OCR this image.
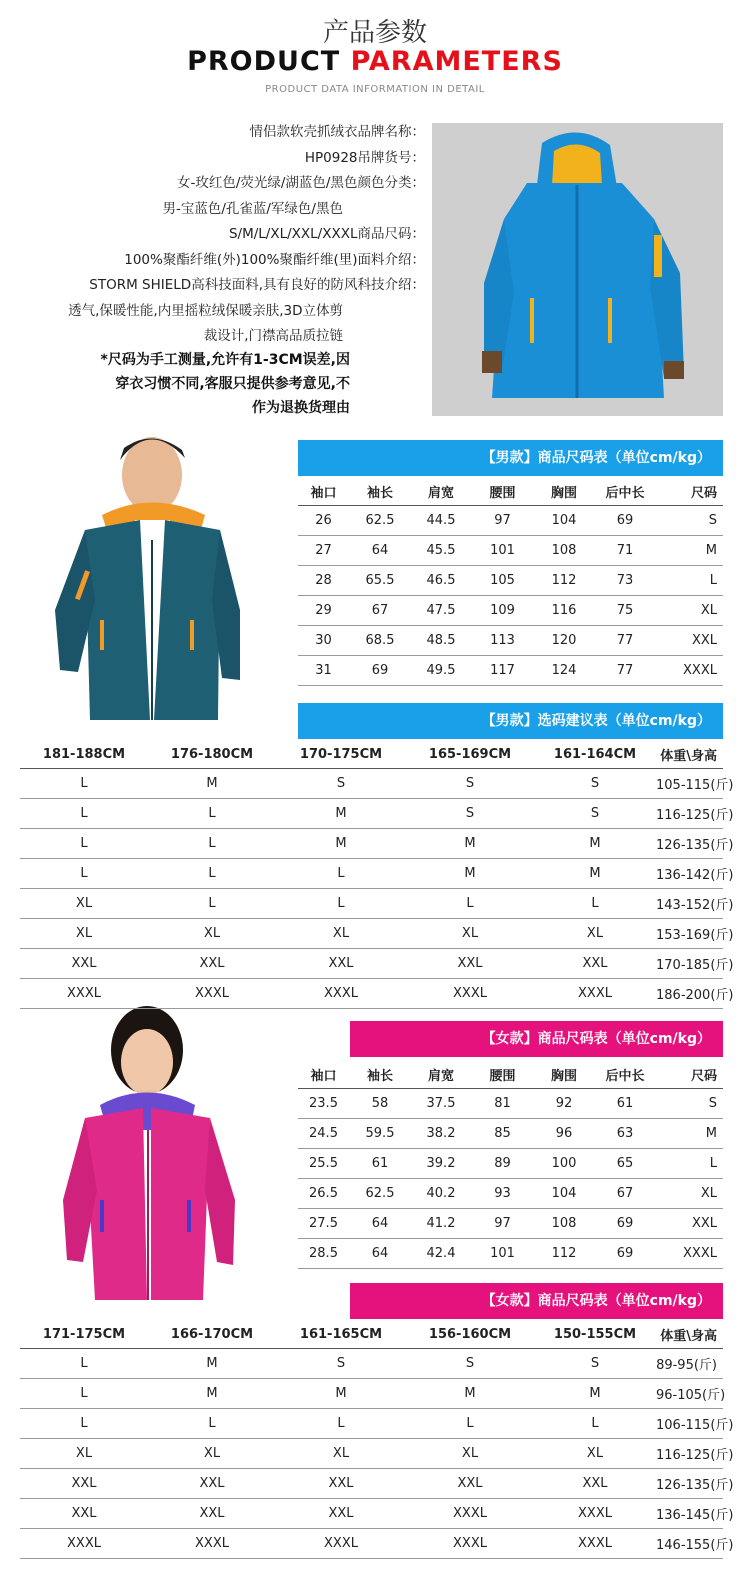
产品参数
PRODUCT PARAMETERS
PRODUCT DATA INFORMATION IN DETAIL
情侣款软壳抓绒衣 品牌名称：
HP0928 吊牌货号：
女-玫红色/荧光绿/湖蓝色/黑色 颜色分类：
男-宝蓝色/孔雀蓝/军绿色/黑色
S/M/L/XL/XXL/XXXL 商品尺码：
100%聚酯纤维(外)100%聚酯纤维(里) 面料介绍：
STORM SHIELD高科技面料,具有良好的防风 科技介绍：
透气,保暖性能,内里摇粒绒保暖亲肤,3D立体剪
裁设计,门襟高品质拉链
*尺码为手工测量,允许有1-3CM误差,因
穿衣习惯不同,客服只提供参考意见,不
作为退换货理由
【男款】商品尺码表（单位cm/kg）
袖口	袖长	肩宽	腰围	胸围	后中长	尺码
26	62.5	44.5	97	104	69	S
27	64	45.5	101	108	71	M
28	65.5	46.5	105	112	73	L
29	67	47.5	109	116	75	XL
30	68.5	48.5	113	120	77	XXL
31	69	49.5	117	124	77	XXXL
【男款】选码建议表（单位cm/kg）
181-188CM	176-180CM	170-175CM	165-169CM	161-164CM	体重\身高
L	M	S	S	S	105-115(斤)
L	L	M	S	S	116-125(斤)
L	L	M	M	M	126-135(斤)
L	L	L	M	M	136-142(斤)
XL	L	L	L	L	143-152(斤)
XL	XL	XL	XL	XL	153-169(斤)
XXL	XXL	XXL	XXL	XXL	170-185(斤)
XXXL	XXXL	XXXL	XXXL	XXXL	186-200(斤)
【女款】商品尺码表（单位cm/kg）
袖口	袖长	肩宽	腰围	胸围	后中长	尺码
23.5	58	37.5	81	92	61	S
24.5	59.5	38.2	85	96	63	M
25.5	61	39.2	89	100	65	L
26.5	62.5	40.2	93	104	67	XL
27.5	64	41.2	97	108	69	XXL
28.5	64	42.4	101	112	69	XXXL
【女款】商品尺码表（单位cm/kg）
171-175CM	166-170CM	161-165CM	156-160CM	150-155CM	体重\身高
L	M	S	S	S	89-95(斤)
L	M	M	M	M	96-105(斤)
L	L	L	L	L	106-115(斤)
XL	XL	XL	XL	XL	116-125(斤)
XXL	XXL	XXL	XXL	XXL	126-135(斤)
XXL	XXL	XXL	XXXL	XXXL	136-145(斤)
XXXL	XXXL	XXXL	XXXL	XXXL	146-155(斤)
